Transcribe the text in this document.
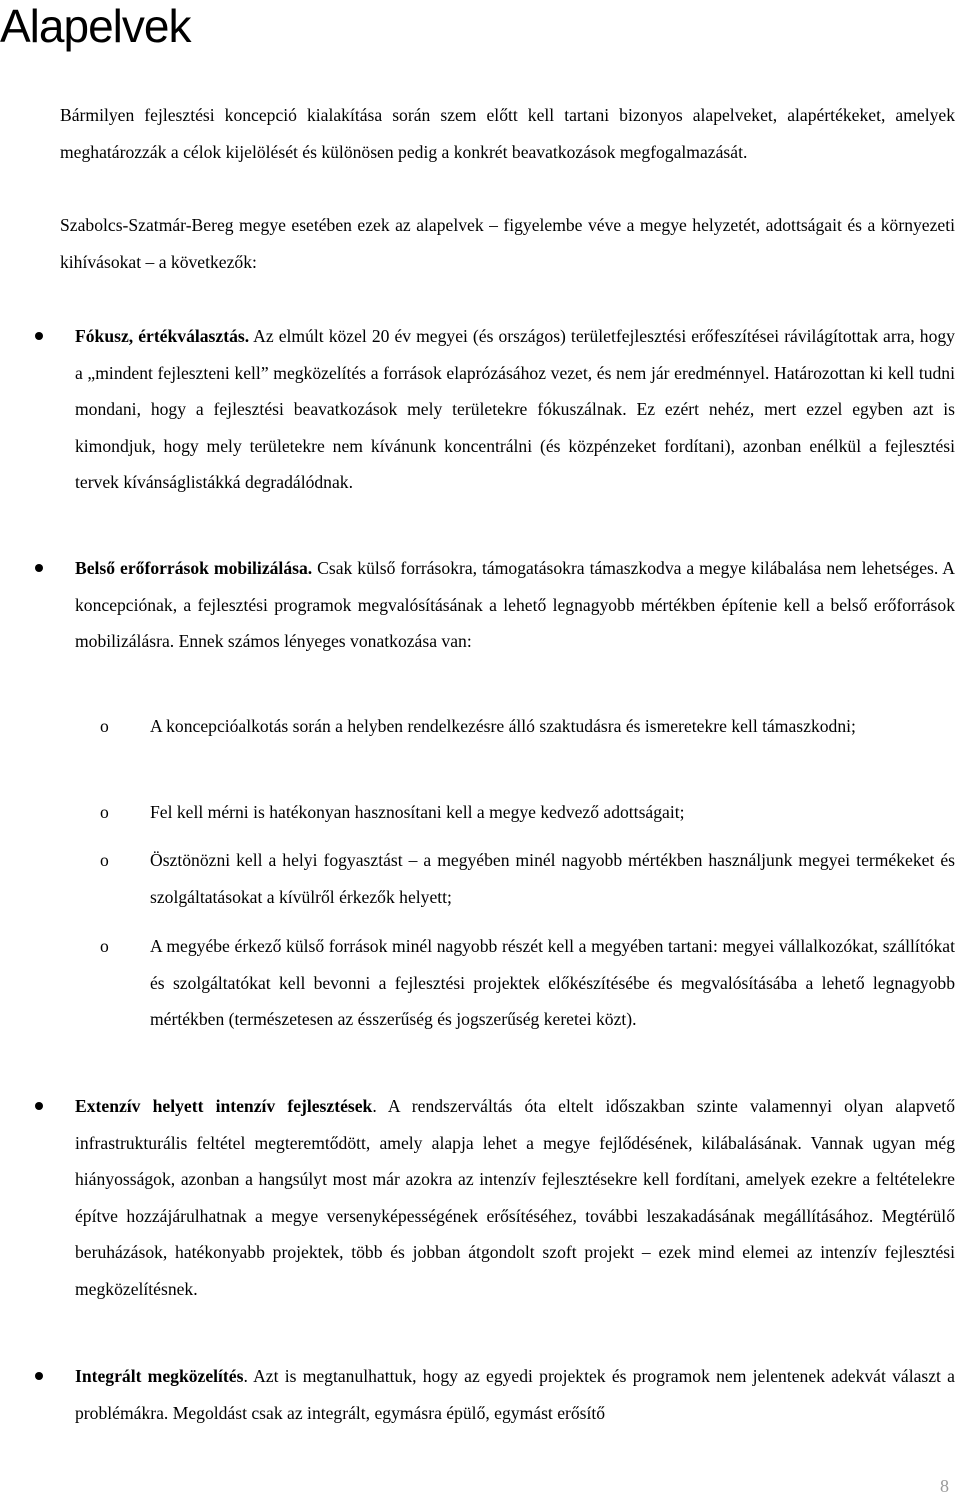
Alapelvek

Bármilyen fejlesztési koncepció kialakítása során szem előtt kell tartani bizonyos alapelveket, alapértékeket, amelyek meghatározzák a célok kijelölését és különösen pedig a konkrét beavatkozások megfogalmazását.

Szabolcs-Szatmár-Bereg megye esetében ezek az alapelvek – figyelembe véve a megye helyzetét, adottságait és a környezeti kihívásokat – a következők:

Fókusz, értékválasztás. Az elmúlt közel 20 év megyei (és országos) területfejlesztési erőfeszítései rávilágítottak arra, hogy a „mindent fejleszteni kell” megközelítés a források elaprózásához vezet, és nem jár eredménnyel. Határozottan ki kell tudni mondani, hogy a fejlesztési beavatkozások mely területekre fókuszálnak. Ez ezért nehéz, mert ezzel egyben azt is kimondjuk, hogy mely területekre nem kívánunk koncentrálni (és közpénzeket fordítani), azonban enélkül a fejlesztési tervek kívánságlistákká degradálódnak.

Belső erőforrások mobilizálása. Csak külső forrásokra, támogatásokra támaszkodva a megye kilábalása nem lehetséges. A koncepciónak, a fejlesztési programok megvalósításának a lehető legnagyobb mértékben építenie kell a belső erőforrások mobilizálásra. Ennek számos lényeges vonatkozása van:

o A koncepcióalkotás során a helyben rendelkezésre álló szaktudásra és ismeretekre kell támaszkodni;

o Fel kell mérni is hatékonyan hasznosítani kell a megye kedvező adottságait;

o Ösztönözni kell a helyi fogyasztást – a megyében minél nagyobb mértékben használjunk megyei termékeket és szolgáltatásokat a kívülről érkezők helyett;

o A megyébe érkező külső források minél nagyobb részét kell a megyében tartani: megyei vállalkozókat, szállítókat és szolgáltatókat kell bevonni a fejlesztési projektek előkészítésébe és megvalósításába a lehető legnagyobb mértékben (természetesen az ésszerűség és jogszerűség keretei közt).

Extenzív helyett intenzív fejlesztések. A rendszerváltás óta eltelt időszakban szinte valamennyi olyan alapvető infrastrukturális feltétel megteremtődött, amely alapja lehet a megye fejlődésének, kilábalásának. Vannak ugyan még hiányosságok, azonban a hangsúlyt most már azokra az intenzív fejlesztésekre kell fordítani, amelyek ezekre a feltételekre építve hozzájárulhatnak a megye versenyképességének erősítéséhez, további leszakadásának megállításához. Megtérülő beruházások, hatékonyabb projektek, több és jobban átgondolt szoft projekt – ezek mind elemei az intenzív fejlesztési megközelítésnek.

Integrált megközelítés. Azt is megtanulhattuk, hogy az egyedi projektek és programok nem jelentenek adekvát választ a problémákra. Megoldást csak az integrált, egymásra épülő, egymást erősítő

8
